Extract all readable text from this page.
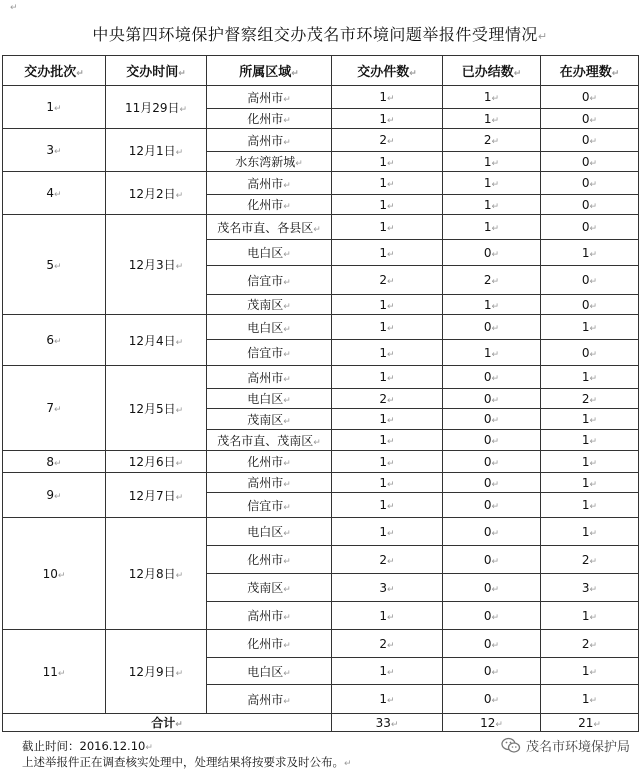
↵
中央第四环境保护督察组交办茂名市环境问题举报件受理情况↵
交办批次↵	交办时间↵	所属区域↵	交办件数↵	已办结数↵	在办理数↵
1↵	11月29日↵	高州市↵	1↵	1↵	0↵
		化州市↵	1↵	1↵	0↵
3↵	12月1日↵	高州市↵	2↵	2↵	0↵
		水东湾新城↵	1↵	1↵	0↵
4↵	12月2日↵	高州市↵	1↵	1↵	0↵
		化州市↵	1↵	1↵	0↵
5↵	12月3日↵	茂名市直、各县区↵	1↵	1↵	0↵
		电白区↵	1↵	0↵	1↵
		信宜市↵	2↵	2↵	0↵
		茂南区↵	1↵	1↵	0↵
6↵	12月4日↵	电白区↵	1↵	0↵	1↵
		信宜市↵	1↵	1↵	0↵
7↵	12月5日↵	高州市↵	1↵	0↵	1↵
		电白区↵	2↵	0↵	2↵
		茂南区↵	1↵	0↵	1↵
		茂名市直、茂南区↵	1↵	0↵	1↵
8↵	12月6日↵	化州市↵	1↵	0↵	1↵
9↵	12月7日↵	高州市↵	1↵	0↵	1↵
		信宜市↵	1↵	0↵	1↵
10↵	12月8日↵	电白区↵	1↵	0↵	1↵
		化州市↵	2↵	0↵	2↵
		茂南区↵	3↵	0↵	3↵
		高州市↵	1↵	0↵	1↵
11↵	12月9日↵	化州市↵	2↵	0↵	2↵
		电白区↵	1↵	0↵	1↵
		高州市↵	1↵	0↵	1↵
合计↵			33↵	12↵	21↵
截止时间：2016.12.10↵
上述举报件正在调查核实处理中，处理结果将按要求及时公布。↵
茂名市环境保护局
